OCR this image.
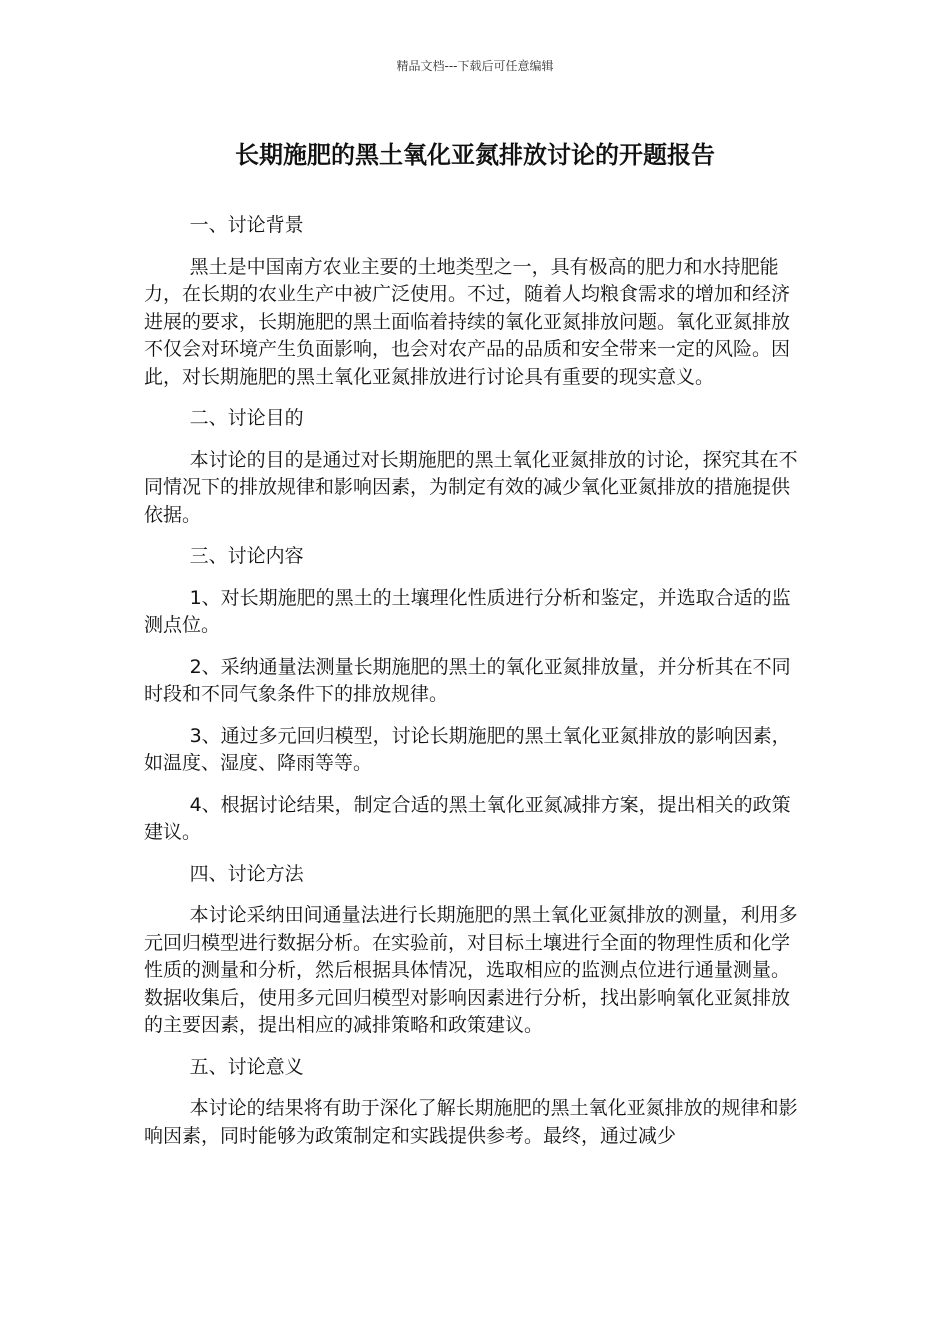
精品文档---下载后可任意编辑
长期施肥的黑土氧化亚氮排放讨论的开题报告

一、讨论背景

黑土是中国南方农业主要的土地类型之一，具有极高的肥力和水持肥能力，在长期的农业生产中被广泛使用。不过，随着人均粮食需求的增加和经济进展的要求，长期施肥的黑土面临着持续的氧化亚氮排放问题。氧化亚氮排放不仅会对环境产生负面影响，也会对农产品的品质和安全带来一定的风险。因此，对长期施肥的黑土氧化亚氮排放进行讨论具有重要的现实意义。

二、讨论目的

本讨论的目的是通过对长期施肥的黑土氧化亚氮排放的讨论，探究其在不同情况下的排放规律和影响因素，为制定有效的减少氧化亚氮排放的措施提供依据。

三、讨论内容

1、对长期施肥的黑土的土壤理化性质进行分析和鉴定，并选取合适的监测点位。

2、采纳通量法测量长期施肥的黑土的氧化亚氮排放量，并分析其在不同时段和不同气象条件下的排放规律。

3、通过多元回归模型，讨论长期施肥的黑土氧化亚氮排放的影响因素，如温度、湿度、降雨等等。

4、根据讨论结果，制定合适的黑土氧化亚氮减排方案，提出相关的政策建议。

四、讨论方法

本讨论采纳田间通量法进行长期施肥的黑土氧化亚氮排放的测量，利用多元回归模型进行数据分析。在实验前，对目标土壤进行全面的物理性质和化学性质的测量和分析，然后根据具体情况，选取相应的监测点位进行通量测量。数据收集后，使用多元回归模型对影响因素进行分析，找出影响氧化亚氮排放的主要因素，提出相应的减排策略和政策建议。

五、讨论意义

本讨论的结果将有助于深化了解长期施肥的黑土氧化亚氮排放的规律和影响因素，同时能够为政策制定和实践提供参考。最终，通过减少
